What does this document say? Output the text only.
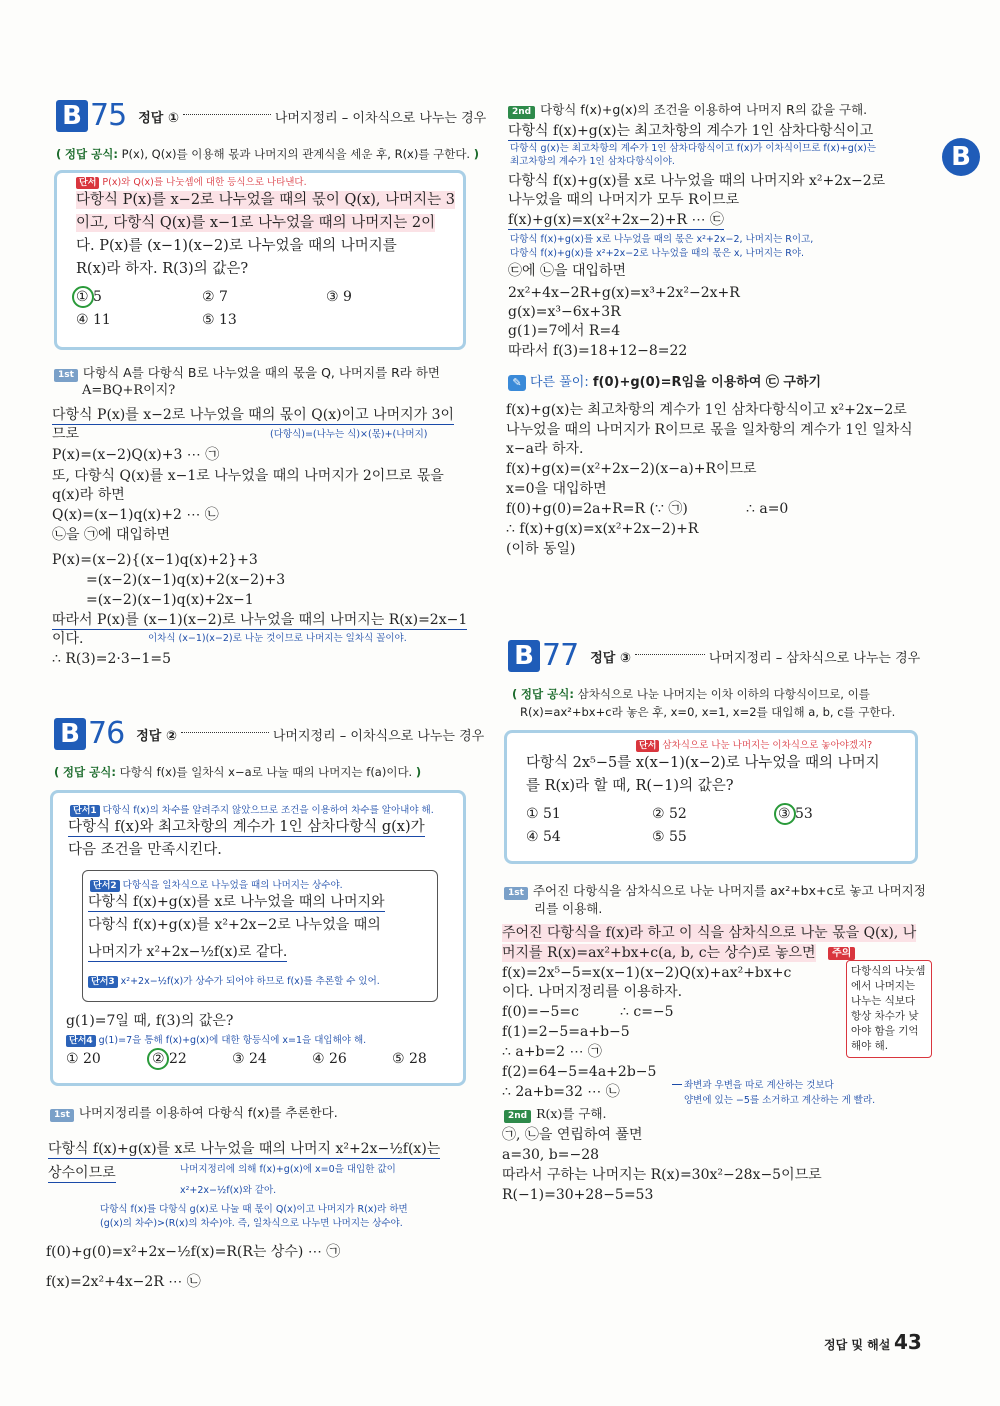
B
B 75 정답 ①	나머지정리 – 이차식으로 나누는 경우
( 정답 공식: P(x), Q(x)를 이용해 몫과 나머지의 관계식을 세운 후, R(x)를 구한다. )
단서 P(x)와 Q(x)를 나눗셈에 대한 등식으로 나타낸다.
다항식 P(x)를 x−2로 나누었을 때의 몫이 Q(x), 나머지는 3
이고, 다항식 Q(x)를 x−1로 나누었을 때의 나머지는 2이
다. P(x)를 (x−1)(x−2)로 나누었을 때의 나머지를
R(x)라 하자. R(3)의 값은?
① 5	② 7	③ 9
④ 11	⑤ 13
1st 다항식 A를 다항식 B로 나누었을 때의 몫을 Q, 나머지를 R라 하면
A=BQ+R이지?
다항식 P(x)를 x−2로 나누었을 때의 몫이 Q(x)이고 나머지가 3이
므로	(다항식)=(나누는 식)×(몫)+(나머지)
P(x)=(x−2)Q(x)+3 ⋯ ㉠
또, 다항식 Q(x)를 x−1로 나누었을 때의 나머지가 2이므로 몫을
q(x)라 하면
Q(x)=(x−1)q(x)+2 ⋯ ㉡
㉡을 ㉠에 대입하면
P(x)=(x−2){(x−1)q(x)+2}+3
=(x−2)(x−1)q(x)+2(x−2)+3
=(x−2)(x−1)q(x)+2x−1
따라서 P(x)를 (x−1)(x−2)로 나누었을 때의 나머지는 R(x)=2x−1
이다.	이차식 (x−1)(x−2)로 나눈 것이므로 나머지는 일차식 꼴이야.
∴ R(3)=2·3−1=5
B 76 정답 ②	나머지정리 – 이차식으로 나누는 경우
( 정답 공식: 다항식 f(x)를 일차식 x−a로 나눌 때의 나머지는 f(a)이다. )
단서1 다항식 f(x)의 차수를 알려주지 않았으므로 조건을 이용하여 차수를 알아내야 해.
다항식 f(x)와 최고차항의 계수가 1인 삼차다항식 g(x)가
다음 조건을 만족시킨다.
단서2 다항식을 일차식으로 나누었을 때의 나머지는 상수야.
다항식 f(x)+g(x)를 x로 나누었을 때의 나머지와
다항식 f(x)+g(x)를 x²+2x−2로 나누었을 때의
나머지가 x²+2x−½f(x)로 같다.
단서3 x²+2x−½f(x)가 상수가 되어야 하므로 f(x)를 추론할 수 있어.
g(1)=7일 때, f(3)의 값은?
단서4 g(1)=7을 통해 f(x)+g(x)에 대한 항등식에 x=1을 대입해야 해.
① 20	② 22	③ 24	④ 26	⑤ 28
1st 나머지정리를 이용하여 다항식 f(x)를 추론한다.
다항식 f(x)+g(x)를 x로 나누었을 때의 나머지 x²+2x−½f(x)는
상수이므로	나머지정리에 의해 f(x)+g(x)에 x=0을 대입한 값이
x²+2x−½f(x)와 같아.
다항식 f(x)를 다항식 g(x)로 나눌 때 몫이 Q(x)이고 나머지가 R(x)라 하면
(g(x)의 차수)>(R(x)의 차수)야. 즉, 일차식으로 나누면 나머지는 상수야.
f(0)+g(0)=x²+2x−½f(x)=R(R는 상수) ⋯ ㉠
f(x)=2x²+4x−2R ⋯ ㉡
2nd 다항식 f(x)+g(x)의 조건을 이용하여 나머지 R의 값을 구해.
다항식 f(x)+g(x)는 최고차항의 계수가 1인 삼차다항식이고
다항식 g(x)는 최고차항의 계수가 1인 삼차다항식이고 f(x)가 이차식이므로 f(x)+g(x)는
최고차항의 계수가 1인 삼차다항식이야.
다항식 f(x)+g(x)를 x로 나누었을 때의 나머지와 x²+2x−2로
나누었을 때의 나머지가 모두 R이므로
f(x)+g(x)=x(x²+2x−2)+R ⋯ ㉢
다항식 f(x)+g(x)를 x로 나누었을 때의 몫은 x²+2x−2, 나머지는 R이고,
다항식 f(x)+g(x)를 x²+2x−2로 나누었을 때의 몫은 x, 나머지는 R야.
㉢에 ㉡을 대입하면
2x²+4x−2R+g(x)=x³+2x²−2x+R
g(x)=x³−6x+3R
g(1)=7에서 R=4
따라서 f(3)=18+12−8=22
✎ 다른 풀이: f(0)+g(0)=R임을 이용하여 ㉢ 구하기
f(x)+g(x)는 최고차항의 계수가 1인 삼차다항식이고 x²+2x−2로
나누었을 때의 나머지가 R이므로 몫을 일차항의 계수가 1인 일차식
x−a라 하자.
f(x)+g(x)=(x²+2x−2)(x−a)+R이므로
x=0을 대입하면
f(0)+g(0)=2a+R=R (∵ ㉠)	∴ a=0
∴ f(x)+g(x)=x(x²+2x−2)+R
(이하 동일)
B 77 정답 ③	나머지정리 – 삼차식으로 나누는 경우
( 정답 공식: 삼차식으로 나눈 나머지는 이차 이하의 다항식이므로, 이를
R(x)=ax²+bx+c라 놓은 후, x=0, x=1, x=2를 대입해 a, b, c를 구한다.
단서 삼차식으로 나눈 나머지는 이차식으로 놓아야겠지?
다항식 2x⁵−5를 x(x−1)(x−2)로 나누었을 때의 나머지
를 R(x)라 할 때, R(−1)의 값은?
① 51	② 52	③ 53
④ 54	⑤ 55
1st 주어진 다항식을 삼차식으로 나눈 나머지를 ax²+bx+c로 놓고 나머지정
리를 이용해.
주어진 다항식을 f(x)라 하고 이 식을 삼차식으로 나눈 몫을 Q(x), 나
머지를 R(x)=ax²+bx+c(a, b, c는 상수)로 놓으면
f(x)=2x⁵−5=x(x−1)(x−2)Q(x)+ax²+bx+c
이다. 나머지정리를 이용하자.
f(0)=−5=c	∴ c=−5
f(1)=2−5=a+b−5
∴ a+b=2 ⋯ ㉠
f(2)=64−5=4a+2b−5
∴ 2a+b=32 ⋯ ㉡	좌변과 우변을 따로 계산하는 것보다
양변에 있는 −5를 소거하고 계산하는 게 빨라.
주의
다항식의 나눗셈에서 나머지는 나누는 식보다 항상 차수가 낮아야 함을 기억해야 해.
2nd R(x)를 구해.
㉠, ㉡을 연립하여 풀면
a=30, b=−28
따라서 구하는 나머지는 R(x)=30x²−28x−5이므로
R(−1)=30+28−5=53
정답 및 해설 43
